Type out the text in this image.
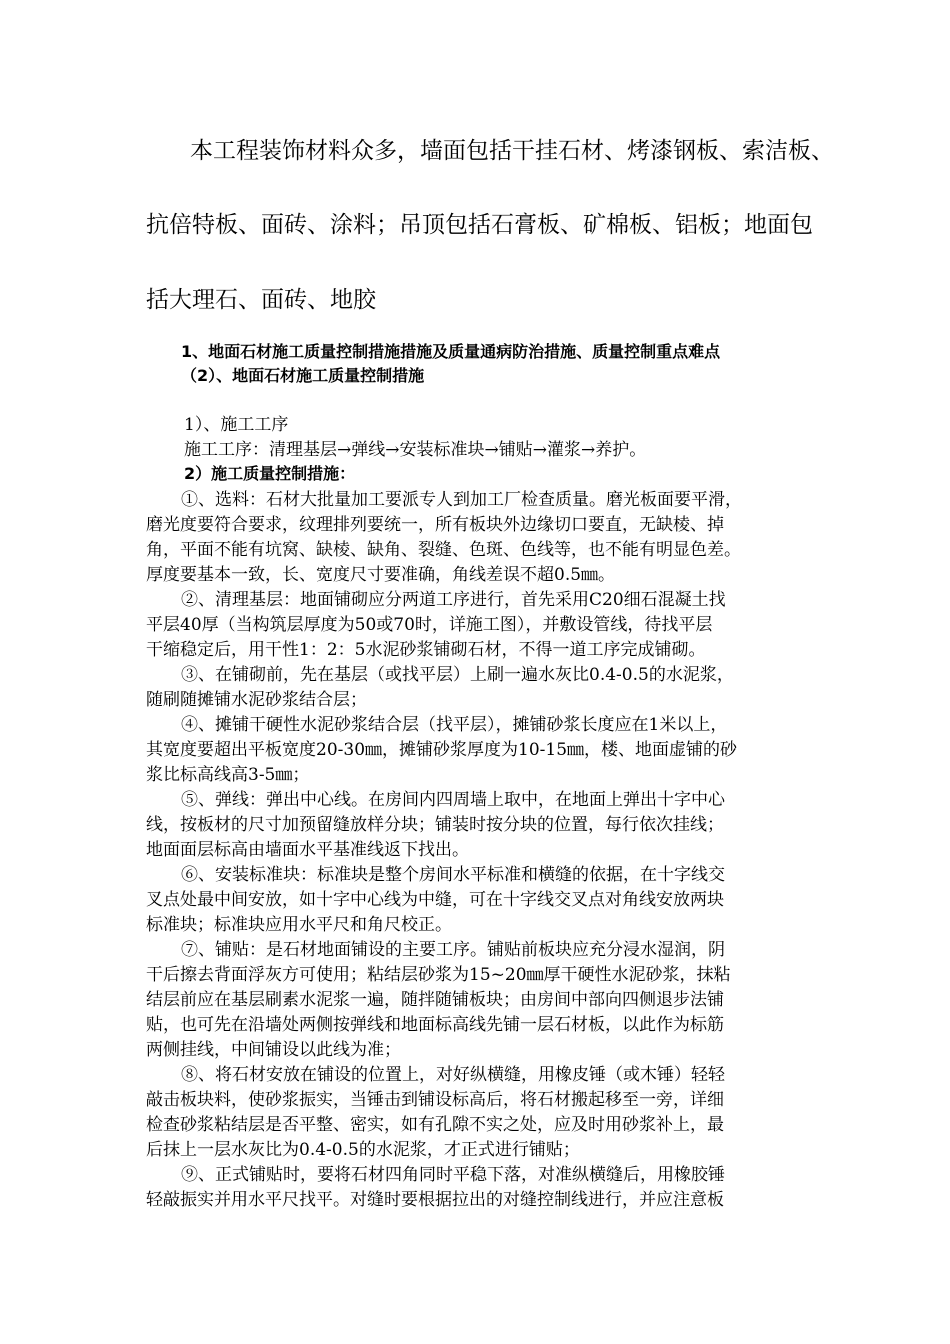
本工程装饰材料众多，墙面包括干挂石材、烤漆钢板、索洁板、
抗倍特板、面砖、涂料；吊顶包括石膏板、矿棉板、铝板；地面包
括大理石、面砖、地胶
1、地面石材施工质量控制措施措施及质量通病防治措施、质量控制重点难点
（2）、地面石材施工质量控制措施
1）、施工工序
施工工序：清理基层→弹线→安装标准块→铺贴→灌浆→养护。
2）施工质量控制措施：
①、选料：石材大批量加工要派专人到加工厂检查质量。磨光板面要平滑，
磨光度要符合要求，纹理排列要统一，所有板块外边缘切口要直，无缺棱、掉
角，平面不能有坑窝、缺棱、缺角、裂缝、色斑、色线等，也不能有明显色差。
厚度要基本一致，长、宽度尺寸要准确，角线差误不超0.5㎜。
②、清理基层：地面铺砌应分两道工序进行，首先采用C20细石混凝土找
平层40厚（当构筑层厚度为50或70时，详施工图），并敷设管线，待找平层
干缩稳定后，用干性1：2：5水泥砂浆铺砌石材，不得一道工序完成铺砌。
③、在铺砌前，先在基层（或找平层）上刷一遍水灰比0.4-0.5的水泥浆，
随刷随摊铺水泥砂浆结合层；
④、摊铺干硬性水泥砂浆结合层（找平层），摊铺砂浆长度应在1米以上，
其宽度要超出平板宽度20-30㎜，摊铺砂浆厚度为10-15㎜，楼、地面虚铺的砂
浆比标高线高3-5㎜；
⑤、弹线：弹出中心线。在房间内四周墙上取中，在地面上弹出十字中心
线，按板材的尺寸加预留缝放样分块；铺装时按分块的位置，每行依次挂线；
地面面层标高由墙面水平基准线返下找出。
⑥、安装标准块：标准块是整个房间水平标准和横缝的依据，在十字线交
叉点处最中间安放，如十字中心线为中缝，可在十字线交叉点对角线安放两块
标准块；标准块应用水平尺和角尺校正。
⑦、铺贴：是石材地面铺设的主要工序。铺贴前板块应充分浸水湿润，阴
干后擦去背面浮灰方可使用；粘结层砂浆为15~20㎜厚干硬性水泥砂浆，抹粘
结层前应在基层刷素水泥浆一遍，随拌随铺板块；由房间中部向四侧退步法铺
贴，也可先在沿墙处两侧按弹线和地面标高线先铺一层石材板，以此作为标筋
两侧挂线，中间铺设以此线为准；
⑧、将石材安放在铺设的位置上，对好纵横缝，用橡皮锤（或木锤）轻轻
敲击板块料，使砂浆振实，当锤击到铺设标高后，将石材搬起移至一旁，详细
检查砂浆粘结层是否平整、密实，如有孔隙不实之处，应及时用砂浆补上，最
后抹上一层水灰比为0.4-0.5的水泥浆，才正式进行铺贴；
⑨、正式铺贴时，要将石材四角同时平稳下落，对准纵横缝后，用橡胶锤
轻敲振实并用水平尺找平。对缝时要根据拉出的对缝控制线进行，并应注意板
